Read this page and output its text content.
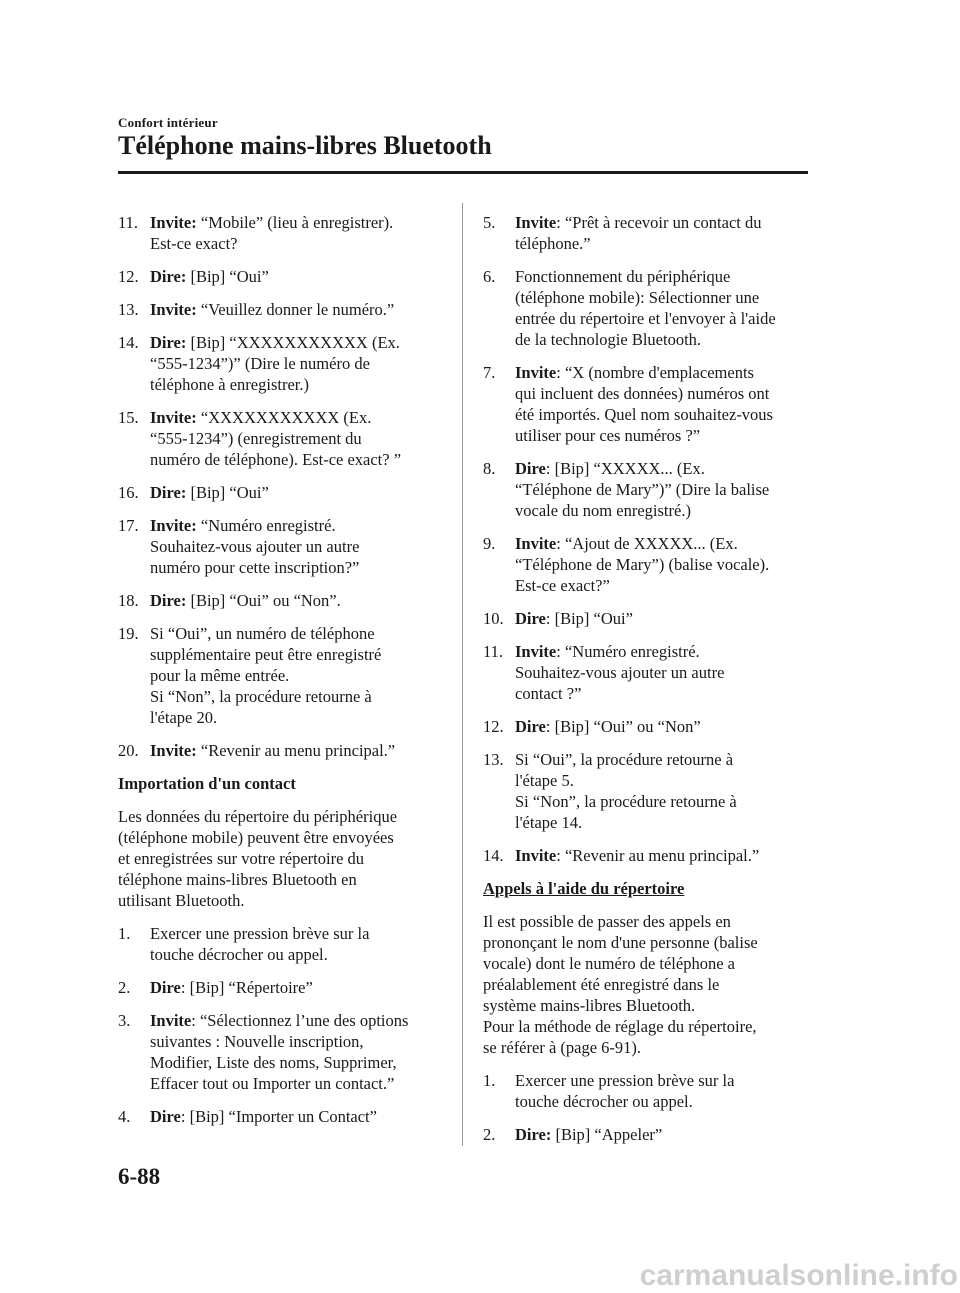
Confort intérieur
Téléphone mains-libres Bluetooth
11. Invite: “Mobile” (lieu à enregistrer).
Est-ce exact?
12. Dire: [Bip] “Oui”
13. Invite: “Veuillez donner le numéro.”
14. Dire: [Bip] “XXXXXXXXXXX (Ex.
“555-1234”)” (Dire le numéro de
téléphone à enregistrer.)
15. Invite: “XXXXXXXXXXX (Ex.
“555-1234”) (enregistrement du
numéro de téléphone). Est-ce exact? ”
16. Dire: [Bip] “Oui”
17. Invite: “Numéro enregistré.
Souhaitez-vous ajouter un autre
numéro pour cette inscription?”
18. Dire: [Bip] “Oui” ou “Non”.
19. Si “Oui”, un numéro de téléphone
supplémentaire peut être enregistré
pour la même entrée.
Si “Non”, la procédure retourne à
l'étape 20.
20. Invite: “Revenir au menu principal.”
Importation d'un contact
Les données du répertoire du périphérique
(téléphone mobile) peuvent être envoyées
et enregistrées sur votre répertoire du
téléphone mains-libres Bluetooth en
utilisant Bluetooth.
1. Exercer une pression brève sur la
touche décrocher ou appel.
2. Dire: [Bip] “Répertoire”
3. Invite: “Sélectionnez l’une des options
suivantes : Nouvelle inscription,
Modifier, Liste des noms, Supprimer,
Effacer tout ou Importer un contact.”
4. Dire: [Bip] “Importer un Contact”
5. Invite: “Prêt à recevoir un contact du
téléphone.”
6. Fonctionnement du périphérique
(téléphone mobile): Sélectionner une
entrée du répertoire et l'envoyer à l'aide
de la technologie Bluetooth.
7. Invite: “X (nombre d'emplacements
qui incluent des données) numéros ont
été importés. Quel nom souhaitez-vous
utiliser pour ces numéros ?”
8. Dire: [Bip] “XXXXX... (Ex.
“Téléphone de Mary”)” (Dire la balise
vocale du nom enregistré.)
9. Invite: “Ajout de XXXXX... (Ex.
“Téléphone de Mary”) (balise vocale).
Est-ce exact?”
10. Dire: [Bip] “Oui”
11. Invite: “Numéro enregistré.
Souhaitez-vous ajouter un autre
contact ?”
12. Dire: [Bip] “Oui” ou “Non”
13. Si “Oui”, la procédure retourne à
l'étape 5.
Si “Non”, la procédure retourne à
l'étape 14.
14. Invite: “Revenir au menu principal.”
Appels à l'aide du répertoire
Il est possible de passer des appels en
prononçant le nom d'une personne (balise
vocale) dont le numéro de téléphone a
préalablement été enregistré dans le
système mains-libres Bluetooth.
Pour la méthode de réglage du répertoire,
se référer à (page 6-91).
1. Exercer une pression brève sur la
touche décrocher ou appel.
2. Dire: [Bip] “Appeler”
6-88
carmanualsonline.info
